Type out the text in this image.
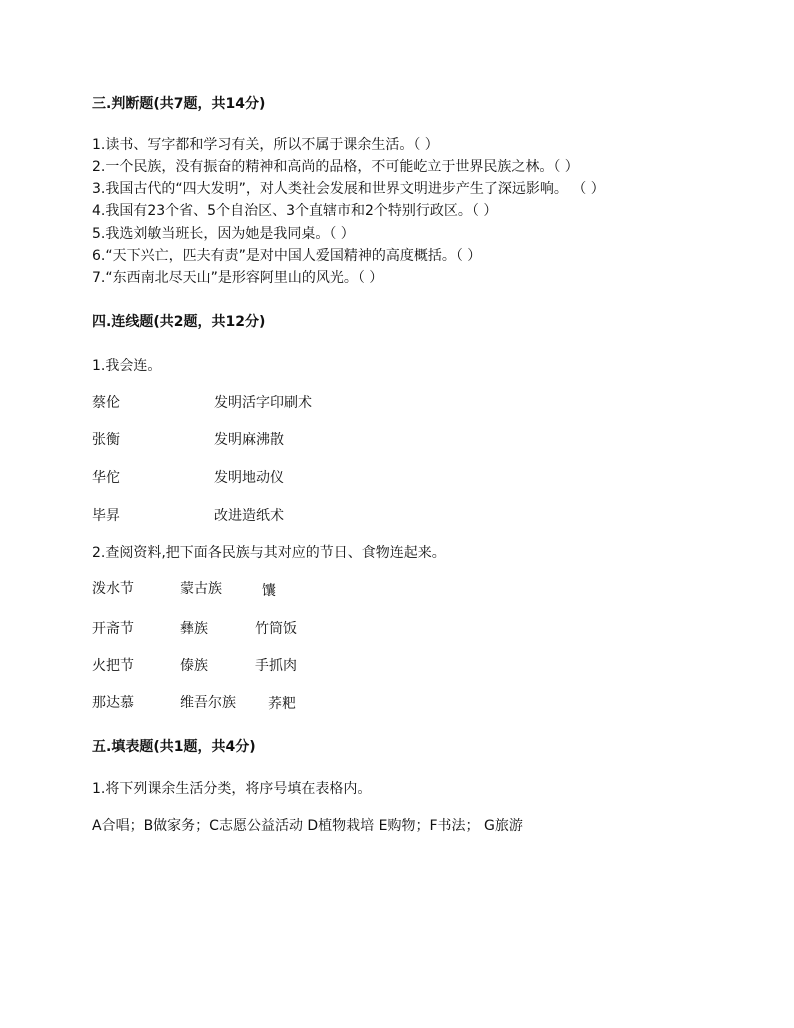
三.判断题(共7题，共14分)
1.读书、写字都和学习有关，所以不属于课余生活。（ ）
2.一个民族，没有振奋的精神和高尚的品格，不可能屹立于世界民族之林。（ ）
3.我国古代的“四大发明”，对人类社会发展和世界文明进步产生了深远影响。 （ ）
4.我国有23个省、5个自治区、3个直辖市和2个特别行政区。（ ）
5.我选刘敏当班长，因为她是我同桌。（ ）
6.“天下兴亡，匹夫有责”是对中国人爱国精神的高度概括。（ ）
7.“东西南北尽天山”是形容阿里山的风光。（ ）
四.连线题(共2题，共12分)
1.我会连。
蔡伦	发明活字印刷术
张衡	发明麻沸散
华佗	发明地动仪
毕昇	改进造纸术
2.查阅资料,把下面各民族与其对应的节日、食物连起来。
泼水节	蒙古族	馕
开斋节	彝族	竹筒饭
火把节	傣族	手抓肉
那达慕	维吾尔族 荞粑
五.填表题(共1题，共4分)
1.将下列课余生活分类，将序号填在表格内。
A合唱；B做家务；C志愿公益活动 D植物栽培 E购物；F书法； G旅游
